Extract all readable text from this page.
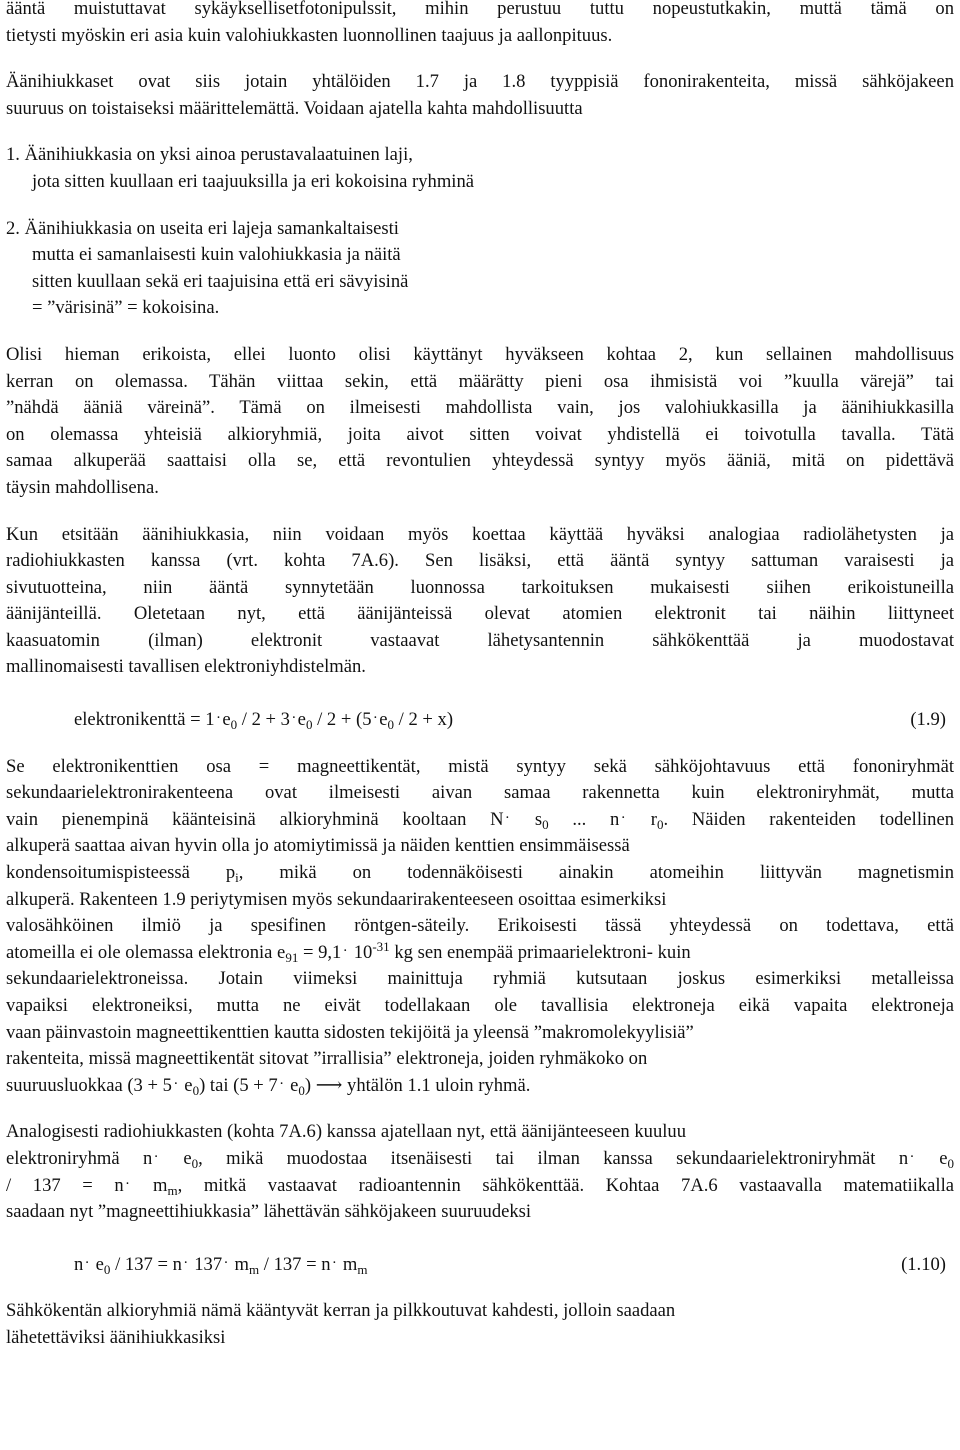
ääntä muistuttavat sykäyksellisetfotonipulssit, mihin perustuu tuttu nopeustutkakin, muttä tämä on
tietysti myöskin eri asia kuin valohiukkasten luonnollinen taajuus ja aallonpituus.
Äänihiukkaset ovat siis jotain yhtälöiden 1.7 ja 1.8 tyyppisiä fononirakenteita, missä sähköjakeen
suuruus on toistaiseksi määrittelemättä. Voidaan ajatella kahta mahdollisuutta
1. Äänihiukkasia on yksi ainoa perustavalaatuinen laji,
jota sitten kuullaan eri taajuuksilla ja eri kokoisina ryhminä
2. Äänihiukkasia on useita eri lajeja samankaltaisesti
mutta ei samanlaisesti kuin valohiukkasia ja näitä
sitten kuullaan sekä eri taajuisina että eri sävyisinä
= ”värisinä” = kokoisina.
Olisi hieman erikoista, ellei luonto olisi käyttänyt hyväkseen kohtaa 2, kun sellainen mahdollisuus
kerran on olemassa. Tähän viittaa sekin, että määrätty pieni osa ihmisistä voi ”kuulla värejä” tai
”nähdä ääniä väreinä”. Tämä on ilmeisesti mahdollista vain, jos valohiukkasilla ja äänihiukkasilla
on olemassa yhteisiä alkioryhmiä, joita aivot sitten voivat yhdistellä ei toivotulla tavalla. Tätä
samaa alkuperää saattaisi olla se, että revontulien yhteydessä syntyy myös ääniä, mitä on pidettävä
täysin mahdollisena.
Kun etsitään äänihiukkasia, niin voidaan myös koettaa käyttää hyväksi analogiaa radiolähetysten ja
radiohiukkasten kanssa (vrt. kohta 7A.6). Sen lisäksi, että ääntä syntyy sattuman varaisesti ja
sivutuotteina, niin ääntä synnytetään luonnossa tarkoituksen mukaisesti siihen erikoistuneilla
äänijänteillä. Oletetaan nyt, että äänijänteissä olevat atomien elektronit tai näihin liittyneet
kaasuatomin (ilman) elektronit vastaavat lähetysantennin sähkökenttää ja muodostavat
mallinomaisesti tavallisen elektroniyhdistelmän.
elektronikenttä = 1 . $e_0 / 2 + 3$ . $e_0 / 2 + (5$ . $e_0 / 2 + x$)	(1.9)
Se elektronikenttien osa = magneettikentät, mistä syntyy sekä sähköjohtavuus että fononiryhmät
sekundaarielektronirakenteena ovat ilmeisesti aivan samaa rakennetta kuin elektroniryhmät, mutta
vain pienempinä käänteisinä alkioryhminä kooltaan N . $s_0$ ... n . $r_0$. Näiden rakenteiden todellinen
alkuperä saattaa aivan hyvin olla jo atomiytimissä ja näiden kenttien ensimmäisessä
kondensoitumispisteessä $p_i$, mikä on todennäköisesti ainakin atomeihin liittyvän magnetismin
alkuperä. Rakenteen 1.9 periytymisen myös sekundaarirakenteeseen osoittaa esimerkiksi
valosähköinen ilmiö ja spesifinen röntgen-säteily. Erikoisesti tässä yhteydessä on todettava, että
atomeilla ei ole olemassa elektronia $e_{91} = 9,1$ . $10^{-31}$ kg sen enempää primaarielektroni- kuin
sekundaarielektroneissa. Jotain viimeksi mainittuja ryhmiä kutsutaan joskus esimerkiksi metalleissa
vapaiksi elektroneiksi, mutta ne eivät todellakaan ole tavallisia elektroneja eikä vapaita elektroneja
vaan päinvastoin magneettikenttien kautta sidosten tekijöitä ja yleensä ”makromolekyylisiä”
rakenteita, missä magneettikentät sitovat ”irrallisia” elektroneja, joiden ryhmäkoko on
suuruusluokkaa (3 + 5 . $e_0$) tai (5 + 7 . $e_0$) ⟶ yhtälön 1.1 uloin ryhmä.
Analogisesti radiohiukkasten (kohta 7A.6) kanssa ajatellaan nyt, että äänijänteeseen kuuluu
elektroniryhmä n . $e_0$, mikä muodostaa itsenäisesti tai ilman kanssa sekundaarielektroniryhmät n . $e_0$
/ 137 = n . $m_m$, mitkä vastaavat radioantennin sähkökenttää. Kohtaa 7A.6 vastaavalla matematiikalla
saadaan nyt ”magneettihiukkasia” lähettävän sähköjakeen suuruudeksi
n . $e_0 / 137 = n$ . 137 . $m_m / 137 = n$ . $m_m$	(1.10)
Sähkökentän alkioryhmiä nämä kääntyvät kerran ja pilkkoutuvat kahdesti, jolloin saadaan
lähetettäviksi äänihiukkasiksi
